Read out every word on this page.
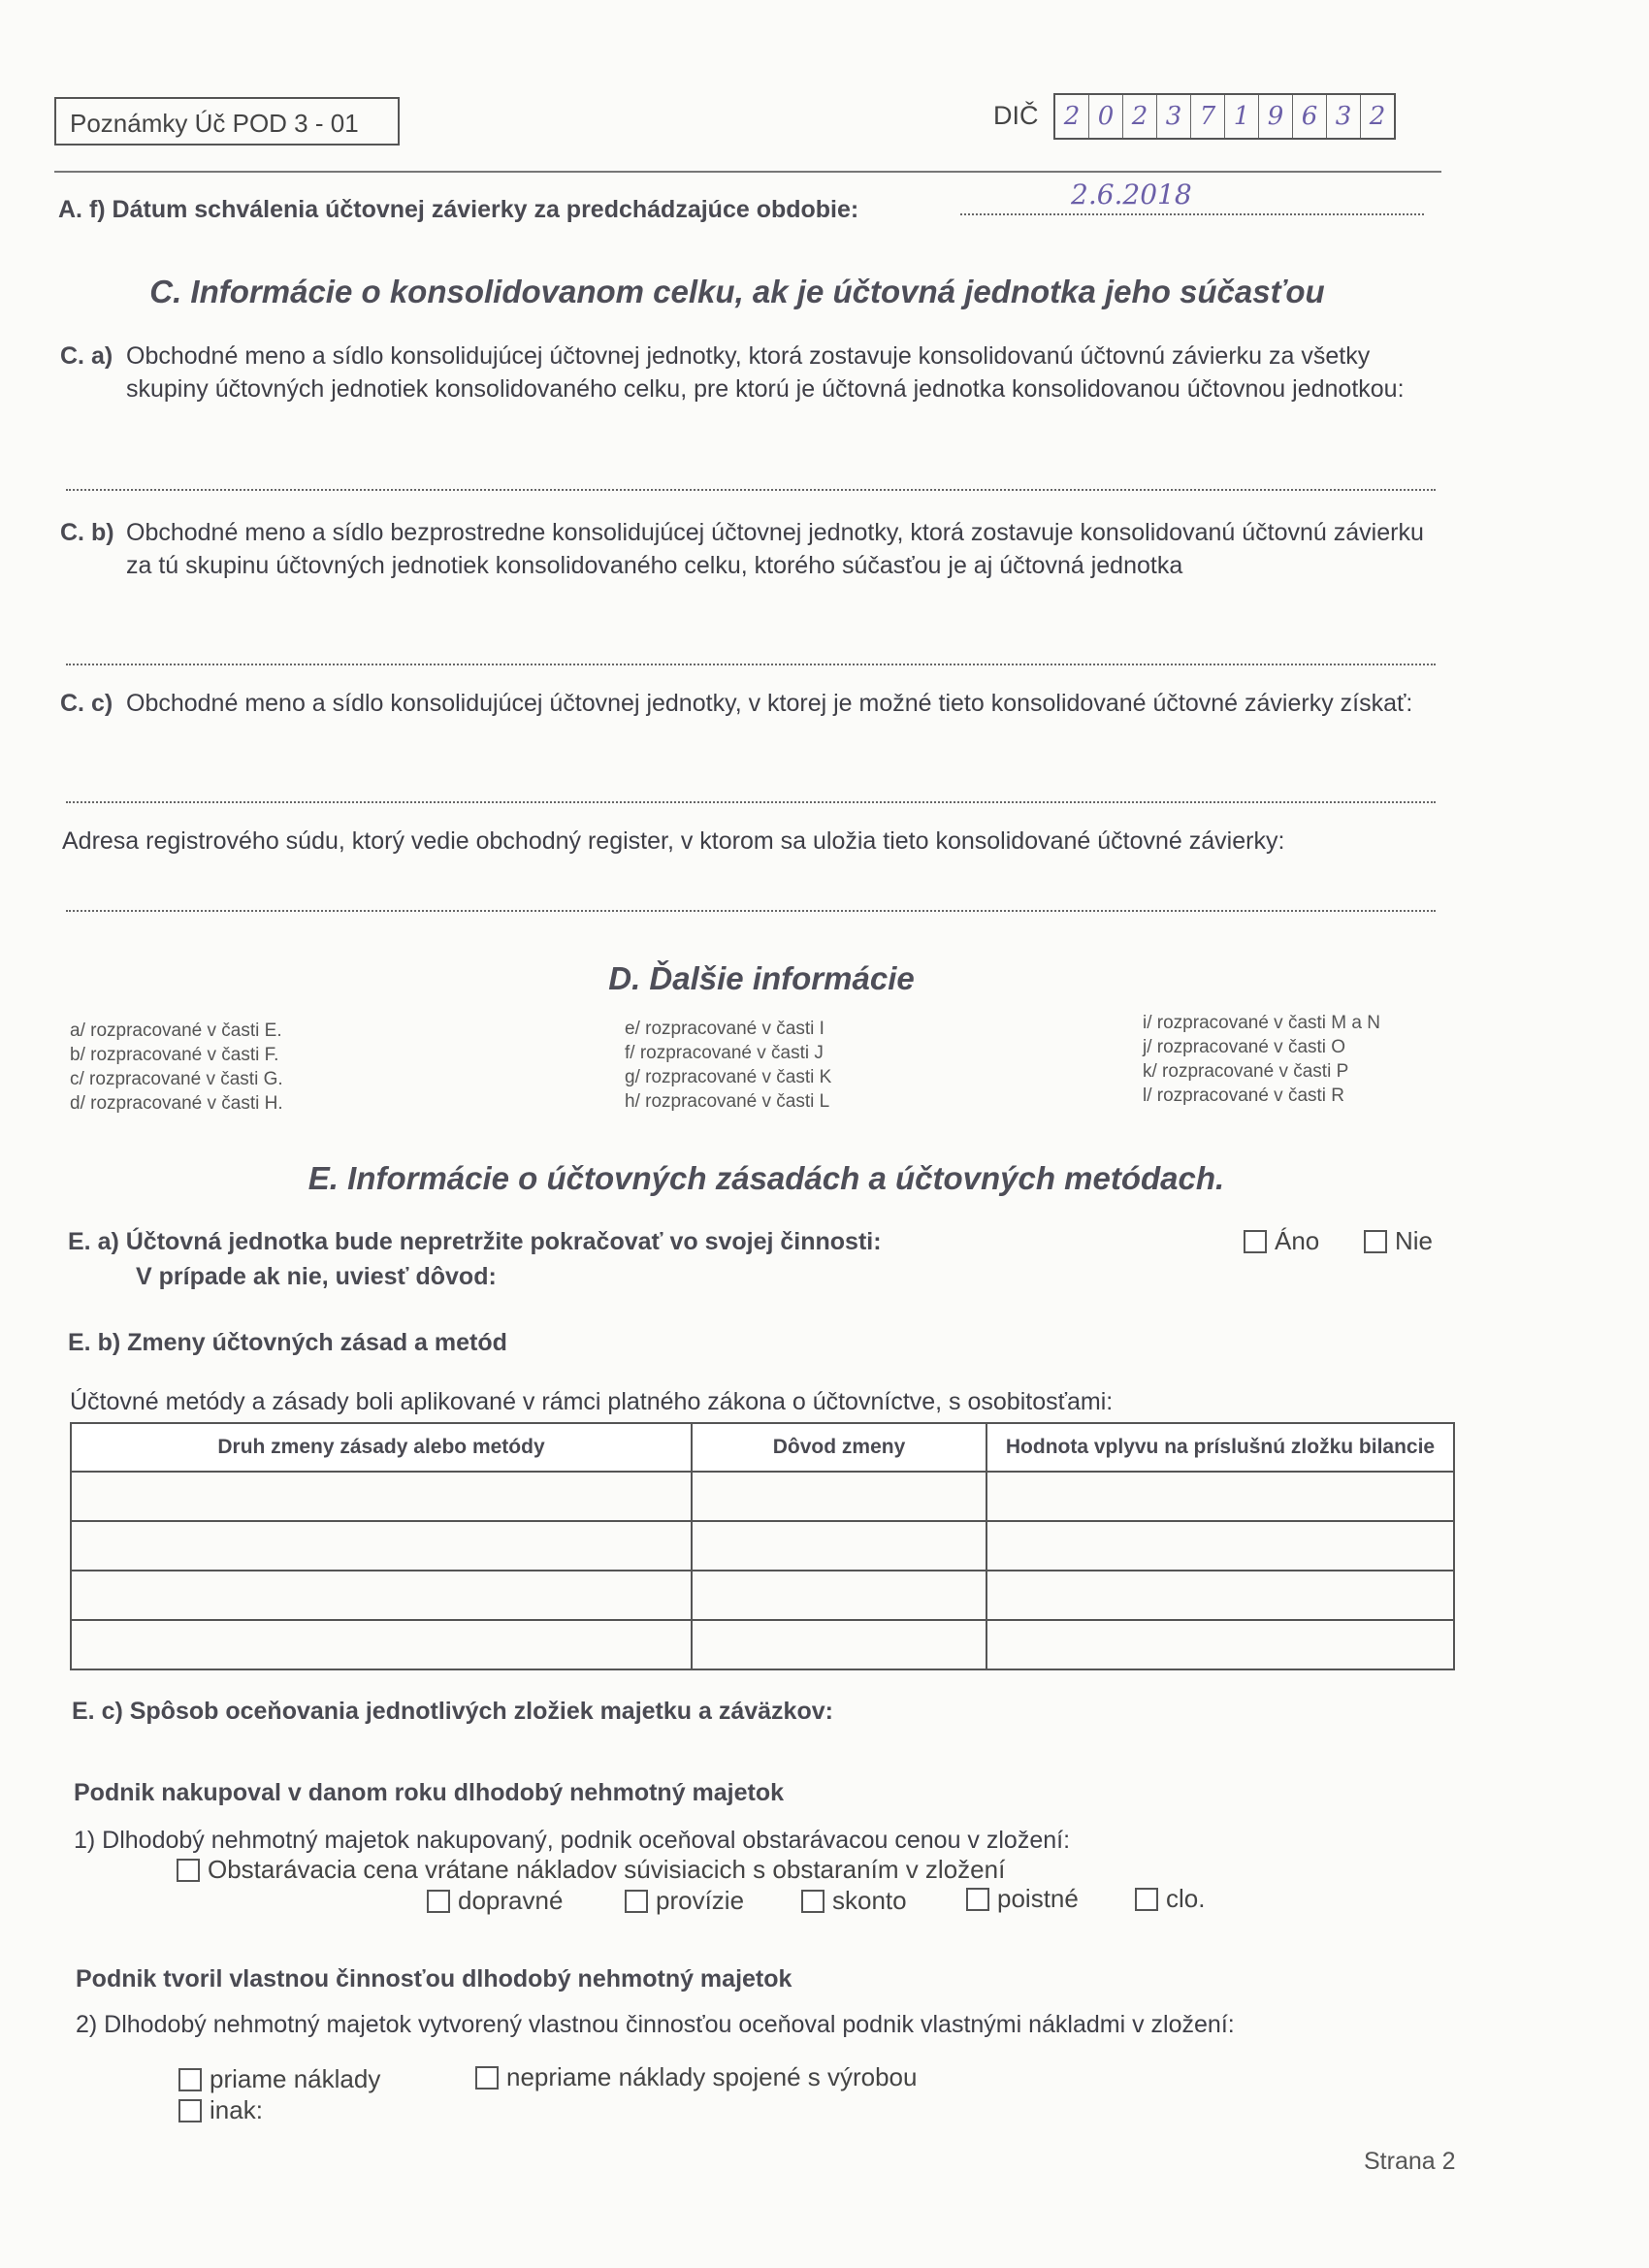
Poznámky Úč POD 3 - 01	DIČ	2 0 2 3 7 1 9 6 3 2
A. f) Dátum schválenia účtovnej závierky za predchádzajúce obdobie:	2.6.2018
C. Informácie o konsolidovanom celku, ak je účtovná jednotka jeho súčasťou
C. a) Obchodné meno a sídlo konsolidujúcej účtovnej jednotky, ktorá zostavuje konsolidovanú účtovnú závierku za všetky skupiny účtovných jednotiek konsolidovaného celku, pre ktorú je účtovná jednotka konsolidovanou účtovnou jednotkou:
C. b) Obchodné meno a sídlo bezprostredne konsolidujúcej účtovnej jednotky, ktorá zostavuje konsolidovanú účtovnú závierku za tú skupinu účtovných jednotiek konsolidovaného celku, ktorého súčasťou je aj účtovná jednotka
C. c) Obchodné meno a sídlo konsolidujúcej účtovnej jednotky, v ktorej je možné tieto konsolidované účtovné závierky získať:
Adresa registrového súdu, ktorý vedie obchodný register, v ktorom sa uložia tieto konsolidované účtovné závierky:
D. Ďalšie informácie
a/ rozpracované v časti E.
b/ rozpracované v časti F.
c/ rozpracované v časti G.
d/ rozpracované v časti H.
e/ rozpracované v časti I
f/ rozpracované v časti J
g/ rozpracované v časti K
h/ rozpracované v časti L
i/ rozpracované v časti M a N
j/ rozpracované v časti O
k/ rozpracované v časti P
l/ rozpracované v časti R
E. Informácie o účtovných zásadách a účtovných metódach.
E. a) Účtovná jednotka bude nepretržite pokračovať vo svojej činnosti:
V prípade ak nie, uviesť dôvod:
Áno	Nie
E. b) Zmeny účtovných zásad a metód
Účtovné metódy a zásady boli aplikované v rámci platného zákona o účtovníctve, s osobitosťami:
Druh zmeny zásady alebo metódy	Dôvod zmeny	Hodnota vplyvu na príslušnú zložku bilancie

E. c) Spôsob oceňovania jednotlivých zložiek majetku a záväzkov:
Podnik nakupoval v danom roku dlhodobý nehmotný majetok
1) Dlhodobý nehmotný majetok nakupovaný, podnik oceňoval obstarávacou cenou v zložení:
Obstarávacia cena vrátane nákladov súvisiacich s obstaraním v zložení
dopravné	provízie	skonto	poistné	clo.
Podnik tvoril vlastnou činnosťou dlhodobý nehmotný majetok
2) Dlhodobý nehmotný majetok vytvorený vlastnou činnosťou oceňoval podnik vlastnými nákladmi v zložení:
priame náklady	nepriame náklady spojené s výrobou
inak:
Strana 2
